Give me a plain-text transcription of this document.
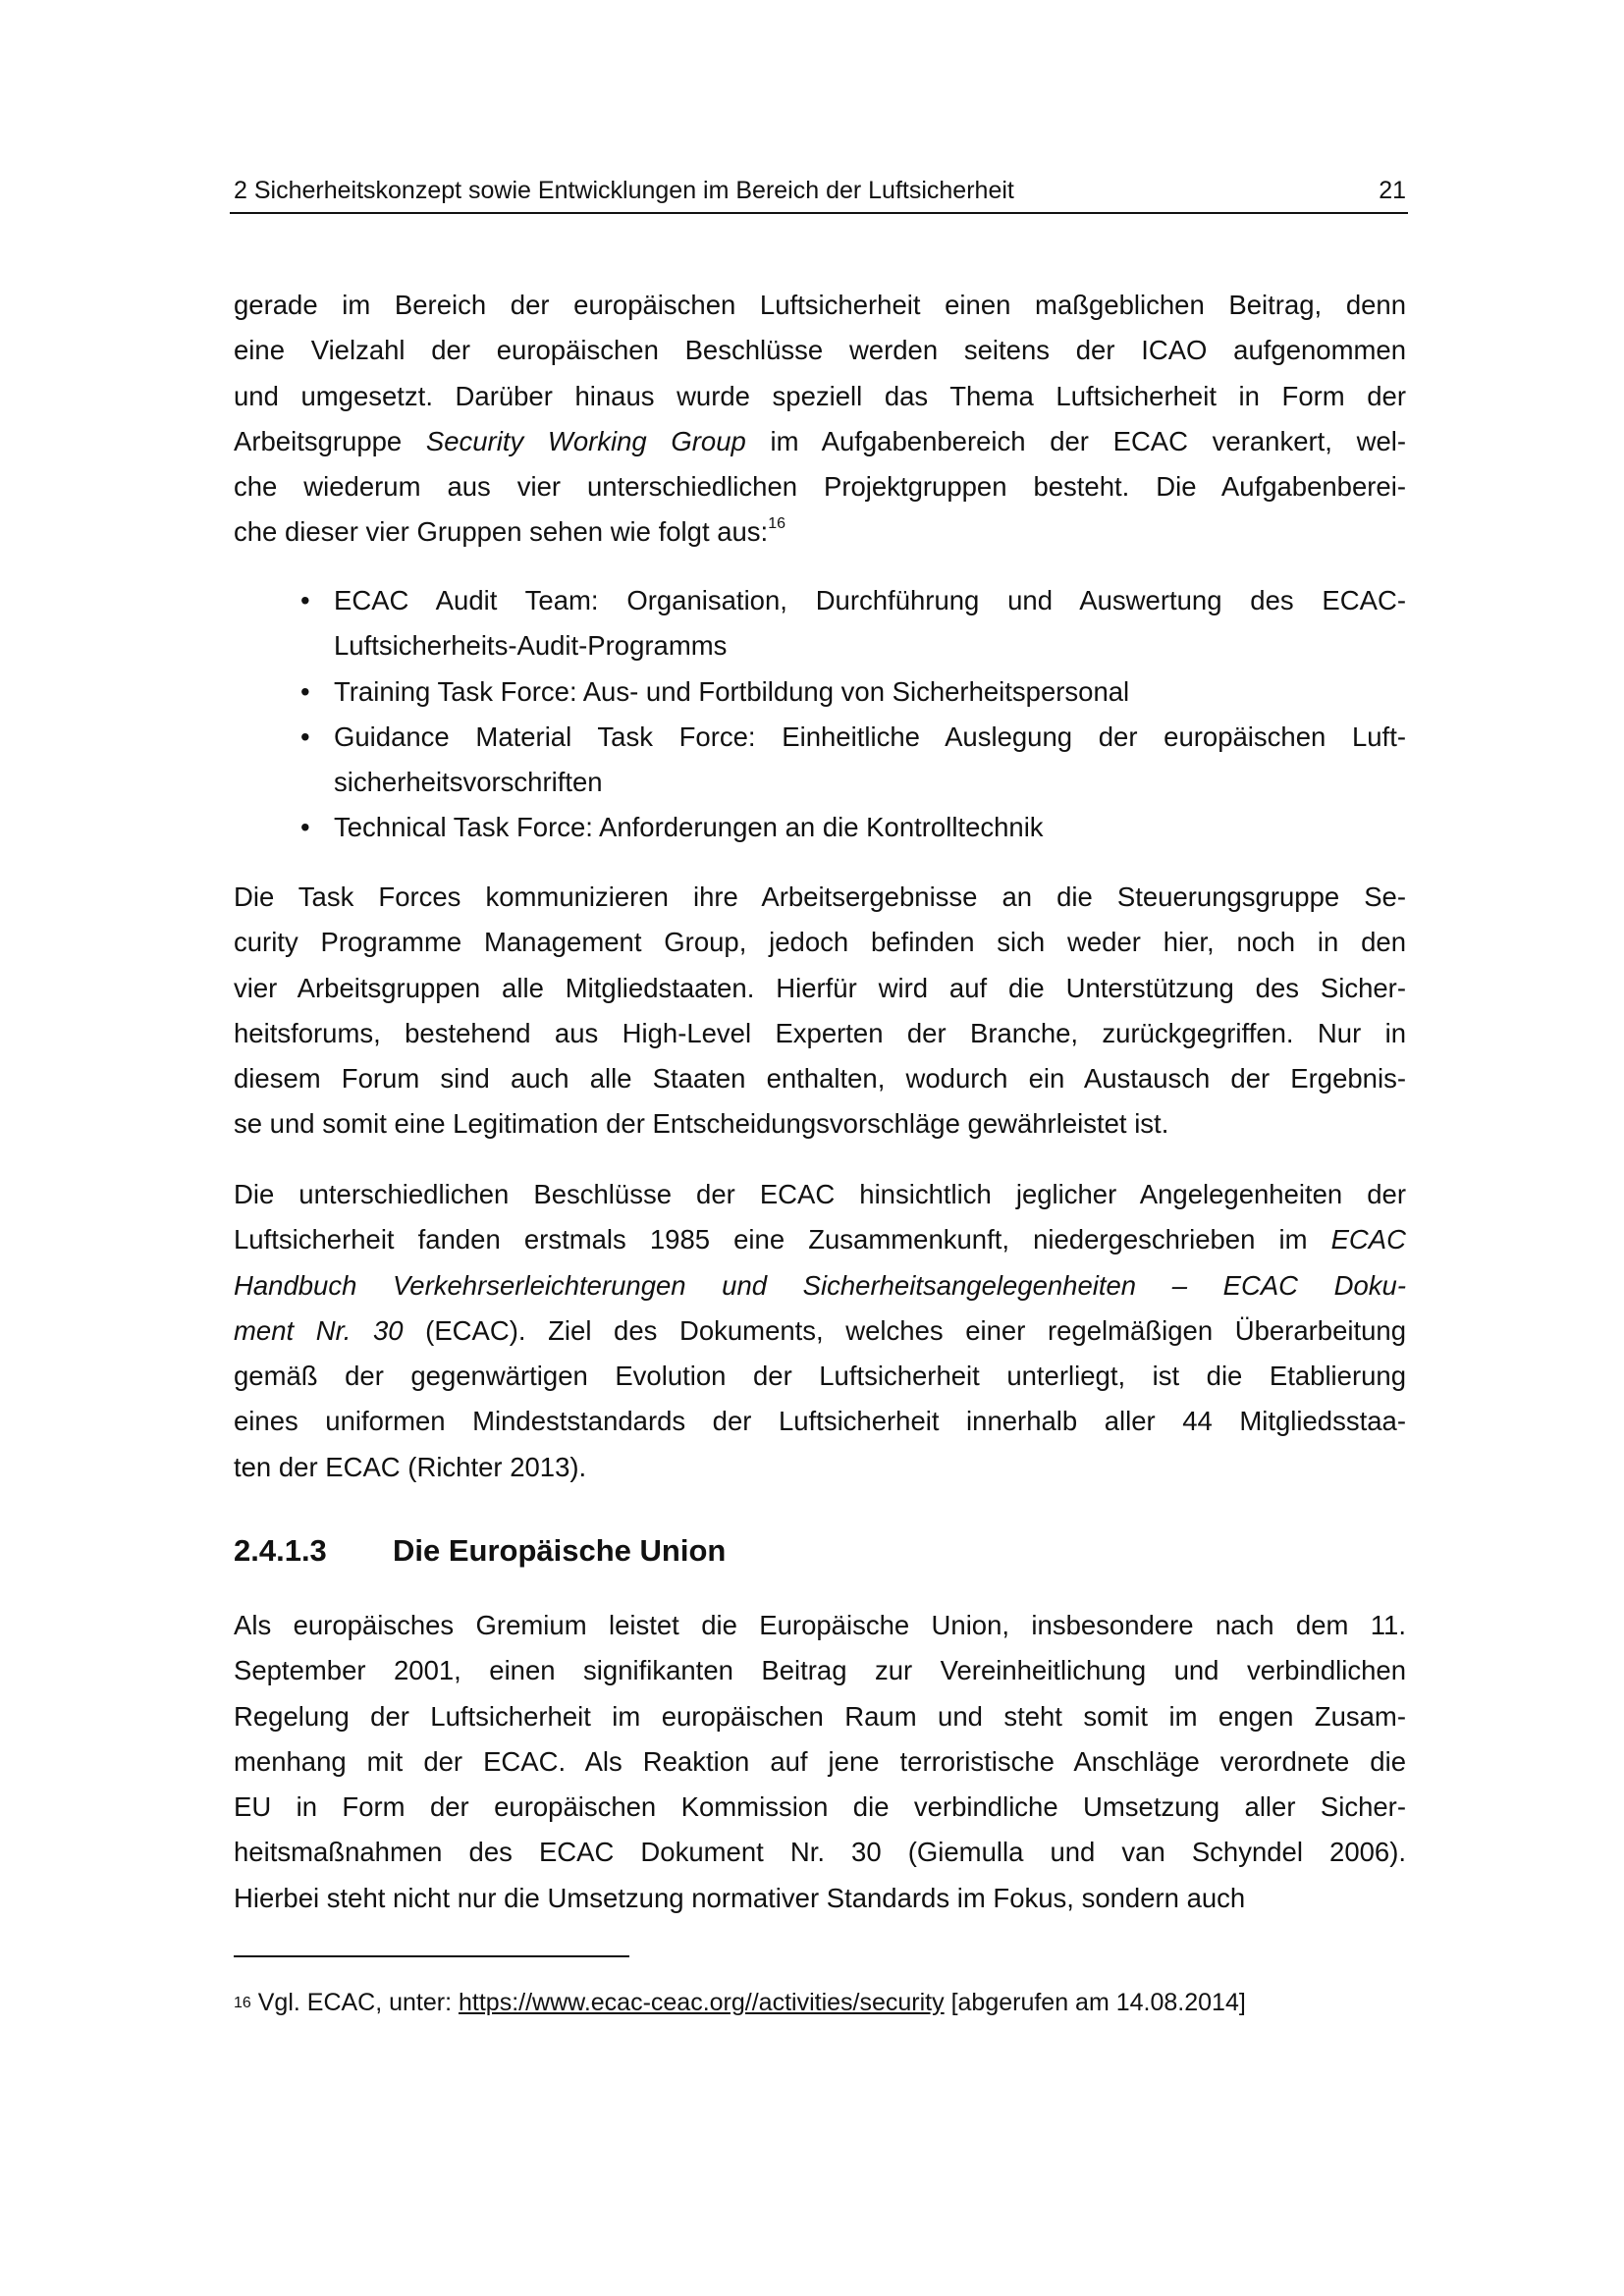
2 Sicherheitskonzept sowie Entwicklungen im Bereich der Luftsicherheit	21
gerade im Bereich der europäischen Luftsicherheit einen maßgeblichen Beitrag, denn
eine Vielzahl der europäischen Beschlüsse werden seitens der ICAO aufgenommen
und umgesetzt. Darüber hinaus wurde speziell das Thema Luftsicherheit in Form der
Arbeitsgruppe Security Working Group im Aufgabenbereich der ECAC verankert, wel-
che wiederum aus vier unterschiedlichen Projektgruppen besteht. Die Aufgabenberei-
che dieser vier Gruppen sehen wie folgt aus:$^{16}$
• ECAC Audit Team: Organisation, Durchführung und Auswertung des ECAC-
Luftsicherheits-Audit-Programms
• Training Task Force: Aus- und Fortbildung von Sicherheitspersonal
• Guidance Material Task Force: Einheitliche Auslegung der europäischen Luft-
sicherheitsvorschriften
• Technical Task Force: Anforderungen an die Kontrolltechnik
Die Task Forces kommunizieren ihre Arbeitsergebnisse an die Steuerungsgruppe Se-
curity Programme Management Group, jedoch befinden sich weder hier, noch in den
vier Arbeitsgruppen alle Mitgliedstaaten. Hierfür wird auf die Unterstützung des Sicher-
heitsforums, bestehend aus High-Level Experten der Branche, zurückgegriffen. Nur in
diesem Forum sind auch alle Staaten enthalten, wodurch ein Austausch der Ergebnis-
se und somit eine Legitimation der Entscheidungsvorschläge gewährleistet ist.
Die unterschiedlichen Beschlüsse der ECAC hinsichtlich jeglicher Angelegenheiten der
Luftsicherheit fanden erstmals 1985 eine Zusammenkunft, niedergeschrieben im ECAC
Handbuch Verkehrserleichterungen und Sicherheitsangelegenheiten – ECAC Doku-
ment Nr. 30 (ECAC). Ziel des Dokuments, welches einer regelmäßigen Überarbeitung
gemäß der gegenwärtigen Evolution der Luftsicherheit unterliegt, ist die Etablierung
eines uniformen Mindeststandards der Luftsicherheit innerhalb aller 44 Mitgliedsstaa-
ten der ECAC (Richter 2013).
2.4.1.3 Die Europäische Union
Als europäisches Gremium leistet die Europäische Union, insbesondere nach dem 11.
September 2001, einen signifikanten Beitrag zur Vereinheitlichung und verbindlichen
Regelung der Luftsicherheit im europäischen Raum und steht somit im engen Zusam-
menhang mit der ECAC. Als Reaktion auf jene terroristische Anschläge verordnete die
EU in Form der europäischen Kommission die verbindliche Umsetzung aller Sicher-
heitsmaßnahmen des ECAC Dokument Nr. 30 (Giemulla und van Schyndel 2006).
Hierbei steht nicht nur die Umsetzung normativer Standards im Fokus, sondern auch
$^{16}$ Vgl. ECAC, unter: https://www.ecac-ceac.org//activities/security [abgerufen am 14.08.2014]
